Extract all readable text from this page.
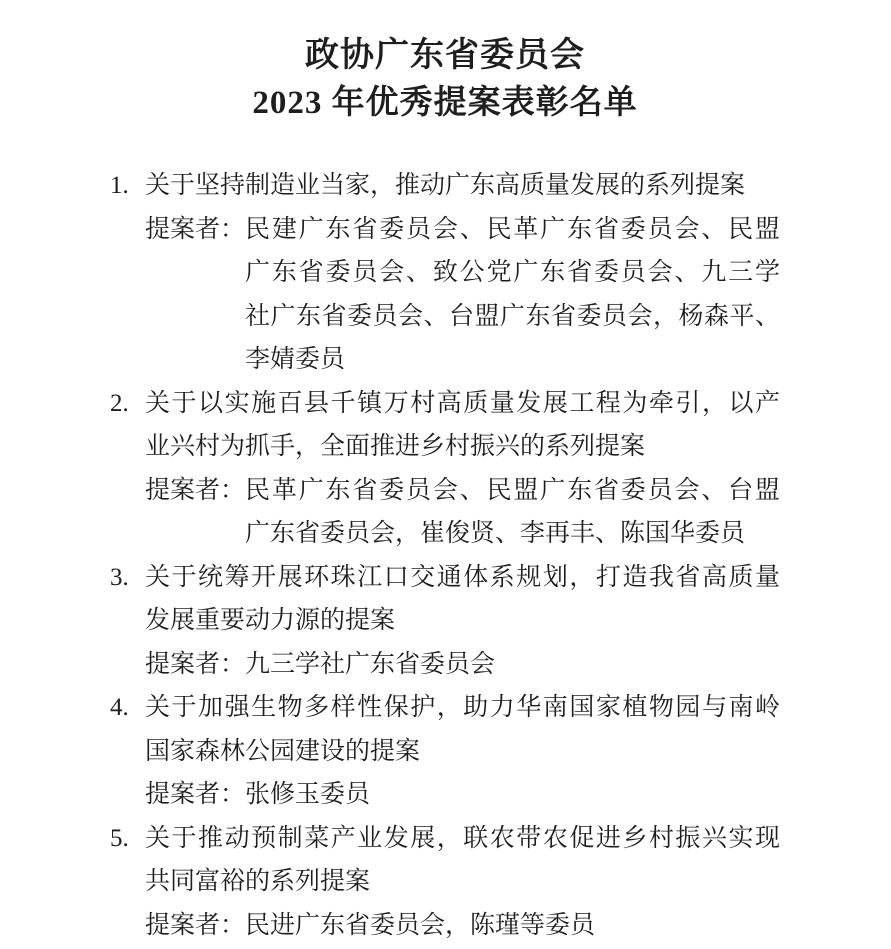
政协广东省委员会
2023 年优秀提案表彰名单
1. 关于坚持制造业当家，推动广东高质量发展的系列提案
提案者： 民建广东省委员会、民革广东省委员会、民盟
广东省委员会、致公党广东省委员会、九三学
社广东省委员会、台盟广东省委员会，杨森平、
李婧委员
2. 关于以实施百县千镇万村高质量发展工程为牵引，以产
业兴村为抓手，全面推进乡村振兴的系列提案
提案者： 民革广东省委员会、民盟广东省委员会、台盟
广东省委员会，崔俊贤、李再丰、陈国华委员
3. 关于统筹开展环珠江口交通体系规划，打造我省高质量
发展重要动力源的提案
提案者： 九三学社广东省委员会
4. 关于加强生物多样性保护，助力华南国家植物园与南岭
国家森林公园建设的提案
提案者： 张修玉委员
5. 关于推动预制菜产业发展，联农带农促进乡村振兴实现
共同富裕的系列提案
提案者： 民进广东省委员会，陈瑾等委员
